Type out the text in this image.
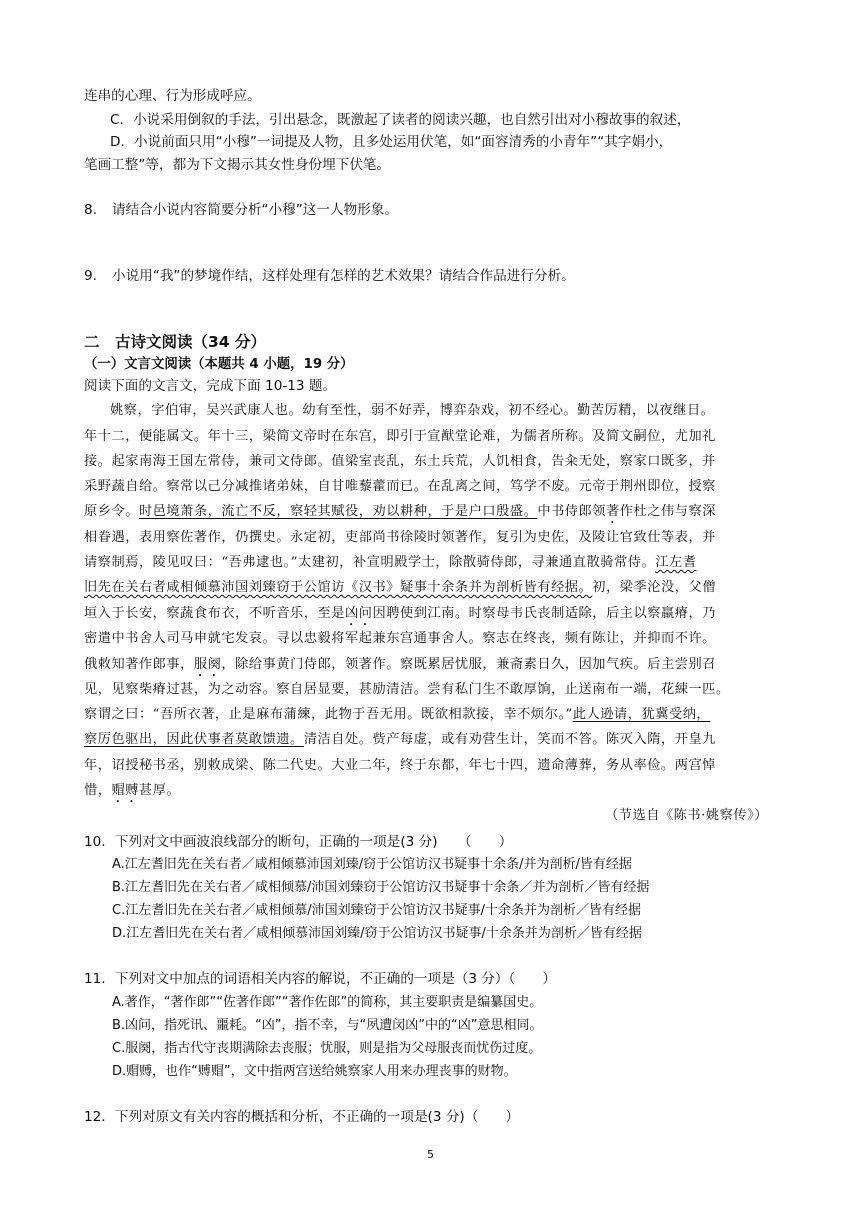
连串的心理、行为形成呼应。
C．小说采用倒叙的手法，引出悬念，既激起了读者的阅读兴趣，也自然引出对小穆故事的叙述，
D．小说前面只用“小穆”一词提及人物，且多处运用伏笔，如“面容清秀的小青年”“其字娟小，
笔画工整”等，都为下文揭示其女性身份埋下伏笔。
8. 请结合小说内容简要分析“小穆”这一人物形象。
9. 小说用“我”的梦境作结，这样处理有怎样的艺术效果？请结合作品进行分析。
二　古诗文阅读（34 分）
（一）文言文阅读（本题共 4 小题，19 分）
阅读下面的文言文，完成下面 10-13 题。
姚察，字伯审，吴兴武康人也。幼有至性，弱不好弄，博弈杂戏，初不经心。勤苦厉精，以夜继日。
年十二，便能属文。年十三，梁简文帝时在东宫，即引于宣猷堂论难，为儒者所称。及简文嗣位，尤加礼
接。起家南海王国左常侍，兼司文侍郎。值梁室丧乱，东土兵荒，人饥相食，告籴无处，察家口既多，并
采野蔬自给。察常以己分减推诸弟妹，自甘唯藜藿而已。在乱离之间，笃学不废。元帝于荆州即位，授察
原乡令。时邑境萧条，流亡不反，察轻其赋役，劝以耕种，于是户口殷盛。中书侍郎领著作杜之伟与察深
相眷遇，表用察佐著作，仍撰史。永定初，吏部尚书徐陵时领著作，复引为史佐，及陵让官致仕等表，并
请察制焉，陵见叹曰：“吾弗逮也。”太建初，补宣明殿学士，除散骑侍郎，寻兼通直散骑常侍。江左耆
旧先在关右者咸相倾慕沛国刘臻窃于公馆访《汉书》疑事十余条并为剖析皆有经据。初，梁季沦没，父僧
垣入于长安，察蔬食布衣，不听音乐，至是凶问因聘使到江南。时察母韦氏丧制适除，后主以察羸瘠，乃
密遣中书舍人司马申就宅发哀。寻以忠毅将军起兼东宫通事舍人。察志在终丧，频有陈让，并抑而不许。
俄敕知著作郎事，服阕，除给事黄门侍郎，领著作。察既累居忧服，兼斋素日久，因加气疾。后主尝别召
见，见察柴瘠过甚，为之动容。察自居显要，甚励清洁。尝有私门生不敢厚饷，止送南布一端，花綀一匹。
察谓之曰：“吾所衣著，止是麻布蒲練，此物于吾无用。既欲相款接，幸不烦尔。”此人逊请，犹冀受纳，
察厉色驱出，因此伏事者莫敢馈遗。清洁自处。赀产每虚，或有劝营生计，笑而不答。陈灭入隋，开皇九
年，诏授秘书丞，别敕成梁、陈二代史。大业二年，终于东都，年七十四，遗命薄葬，务从率俭。两宫悼
惜，赗赙甚厚。
（节选自《陈书·姚察传》）
10．下列对文中画波浪线部分的断句，正确的一项是(3 分)　　（　　）
A.江左耆旧先在关右者／咸相倾慕沛国刘臻/窃于公馆访汉书疑事十余条/并为剖析/皆有经据
B.江左耆旧先在关右者／咸相倾慕/沛国刘臻窃于公馆访汉书疑事十余条／并为剖析／皆有经据
C.江左耆旧先在关右者／咸相倾慕/沛国刘臻窃于公馆访汉书疑事/十余条并为剖析／皆有经据
D.江左耆旧先在关右者／咸相倾慕沛国刘臻/窃于公馆访汉书疑事/十余条并为剖析／皆有经据
11．下列对文中加点的词语相关内容的解说，不正确的一项是（3 分）（　　）
A.著作，“著作郎”“佐著作郎”“著作佐郎”的简称，其主要职责是编纂国史。
B.凶问，指死讯、噩耗。“凶”，指不幸，与“夙遭闵凶”中的“凶”意思相同。
C.服阕，指古代守丧期满除去丧服；忧服，则是指为父母服丧而忧伤过度。
D.赗赙，也作“赙赗”，文中指两宫送给姚察家人用来办理丧事的财物。
12．下列对原文有关内容的概括和分析，不正确的一项是(3 分)（　　）
5
